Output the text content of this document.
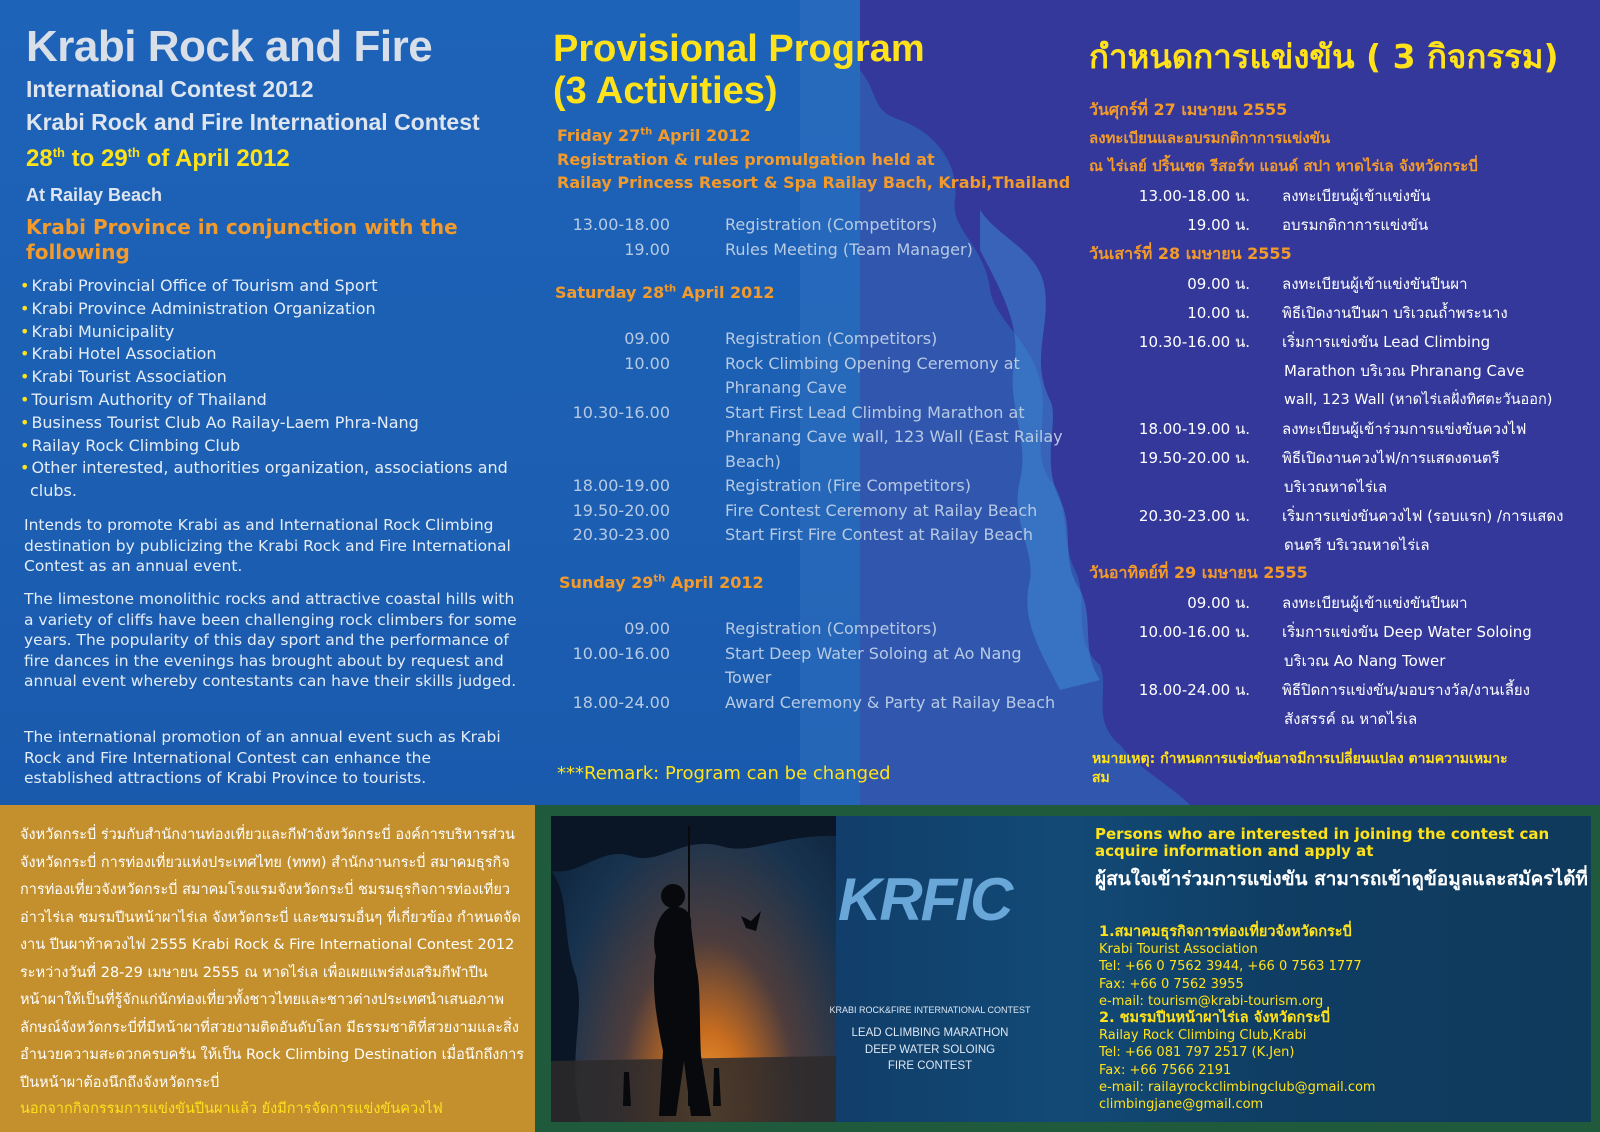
Krabi Rock and Fire
International Contest 2012
Krabi Rock and Fire International Contest
28th to 29th of April 2012
At Railay Beach
Krabi Province in conjunction with the following
• Krabi Provincial Office of Tourism and Sport
• Krabi Province Administration Organization
• Krabi Municipality
• Krabi Hotel Association
• Krabi Tourist Association
• Tourism Authority of Thailand
• Business Tourist Club Ao Railay-Laem Phra-Nang
• Railay Rock Climbing Club
• Other interested, authorities organization, associations and clubs.
Intends to promote Krabi as and International Rock Climbing destination by publicizing the Krabi Rock and Fire International Contest as an annual event.
The limestone monolithic rocks and attractive coastal hills with a variety of cliffs have been challenging rock climbers for some years. The popularity of this day sport and the performance of fire dances in the evenings has brought about by request and annual event whereby contestants can have their skills judged.
The international promotion of an annual event such as Krabi Rock and Fire International Contest can enhance the established attractions of Krabi Province to tourists.
Provisional Program
(3 Activities)
Friday 27th April 2012
Registration & rules promulgation held at
Railay Princess Resort & Spa Railay Bach, Krabi,Thailand
13.00-18.00	Registration (Competitors)
19.00	Rules Meeting (Team Manager)
Saturday 28th April 2012
09.00	Registration (Competitors)
10.00	Rock Climbing Opening Ceremony at Phranang Cave
10.30-16.00	Start First Lead Climbing Marathon at Phranang Cave wall, 123 Wall (East Railay Beach)
18.00-19.00	Registration (Fire Competitors)
19.50-20.00	Fire Contest Ceremony at Railay Beach
20.30-23.00	Start First Fire Contest at Railay Beach
Sunday 29th April 2012
09.00	Registration (Competitors)
10.00-16.00	Start Deep Water Soloing at Ao Nang Tower
18.00-24.00	Award Ceremony & Party at Railay Beach
***Remark: Program can be changed
กำหนดการแข่งขัน ( 3 กิจกรรม)
วันศุกร์ที่ 27 เมษายน 2555
ลงทะเบียนและอบรมกติกาการแข่งขัน
ณ ไร่เลย์ ปริ้นเซต รีสอร์ท แอนด์ สปา หาดไร่เล จังหวัดกระบี่
13.00-18.00 น. ลงทะเบียนผู้เข้าแข่งขัน
19.00 น. อบรมกติกาการแข่งขัน
วันเสาร์ที่ 28 เมษายน 2555
09.00 น. ลงทะเบียนผู้เข้าแข่งขันปีนผา
10.00 น. พิธีเปิดงานปีนผา บริเวณถ้ำพระนาง
10.30-16.00 น. เริ่มการแข่งขัน Lead Climbing
Marathon บริเวณ Phranang Cave
wall, 123 Wall (หาดไร่เลฝั่งทิศตะวันออก)
18.00-19.00 น. ลงทะเบียนผู้เข้าร่วมการแข่งขันควงไฟ
19.50-20.00 น. พิธีเปิดงานควงไฟ/การแสดงดนตรี
บริเวณหาดไร่เล
20.30-23.00 น. เริ่มการแข่งขันควงไฟ (รอบแรก) /การแสดง
ดนตรี บริเวณหาดไร่เล
วันอาทิตย์ที่ 29 เมษายน 2555
09.00 น. ลงทะเบียนผู้เข้าแข่งขันปีนผา
10.00-16.00 น. เริ่มการแข่งขัน Deep Water Soloing
บริเวณ Ao Nang Tower
18.00-24.00 น. พิธีปิดการแข่งขัน/มอบรางวัล/งานเลี้ยง
สังสรรค์ ณ หาดไร่เล
หมายเหตุ: กำหนดการแข่งขันอาจมีการเปลี่ยนแปลง ตามความเหมาะสม
จังหวัดกระบี่ ร่วมกับสำนักงานท่องเที่ยวและกีฬาจังหวัดกระบี่ องค์การบริหารส่วนจังหวัดกระบี่ การท่องเที่ยวแห่งประเทศไทย (ททท) สำนักงานกระบี่ สมาคมธุรกิจการท่องเที่ยวจังหวัดกระบี่ สมาคมโรงแรมจังหวัดกระบี่ ชมรมธุรกิจการท่องเที่ยวอ่าวไร่เล ชมรมปีนหน้าผาไร่เล จังหวัดกระบี่ และชมรมอื่นๆ ที่เกี่ยวข้อง กำหนดจัดงาน ปีนผาท้าควงไฟ 2555 Krabi Rock & Fire International Contest 2012 ระหว่างวันที่ 28-29 เมษายน 2555 ณ หาดไร่เล เพื่อเผยแพร่ส่งเสริมกีฬาปีนหน้าผาให้เป็นที่รู้จักแก่นักท่องเที่ยวทั้งชาวไทยและชาวต่างประเทศนำเสนอภาพลักษณ์จังหวัดกระบี่ที่มีหน้าผาที่สวยงามติดอันดับโลก มีธรรมชาติที่สวยงามและสิ่งอำนวยความสะดวกครบครัน ให้เป็น Rock Climbing Destination เมื่อนึกถึงการปีนหน้าผาต้องนึกถึงจังหวัดกระบี่
นอกจากกิจกรรมการแข่งขันปีนผาแล้ว ยังมีการจัดการแข่งขันควงไฟ
KRFIC
KRABI ROCK&FIRE INTERNATIONAL CONTEST
LEAD CLIMBING MARATHON
DEEP WATER SOLOING
FIRE CONTEST
Persons who are interested in joining the contest can acquire information and apply at
ผู้สนใจเข้าร่วมการแข่งขัน สามารถเข้าดูข้อมูลและสมัครได้ที่
1.สมาคมธุรกิจการท่องเที่ยวจังหวัดกระบี่
Krabi Tourist Association
Tel: +66 0 7562 3944, +66 0 7563 1777
Fax: +66 0 7562 3955
e-mail: tourism@krabi-tourism.org
2. ชมรมปีนหน้าผาไร่เล จังหวัดกระบี่
Railay Rock Climbing Club,Krabi
Tel: +66 081 797 2517 (K.Jen)
Fax: +66 7566 2191
e-mail: railayrockclimbingclub@gmail.com
climbingjane@gmail.com
